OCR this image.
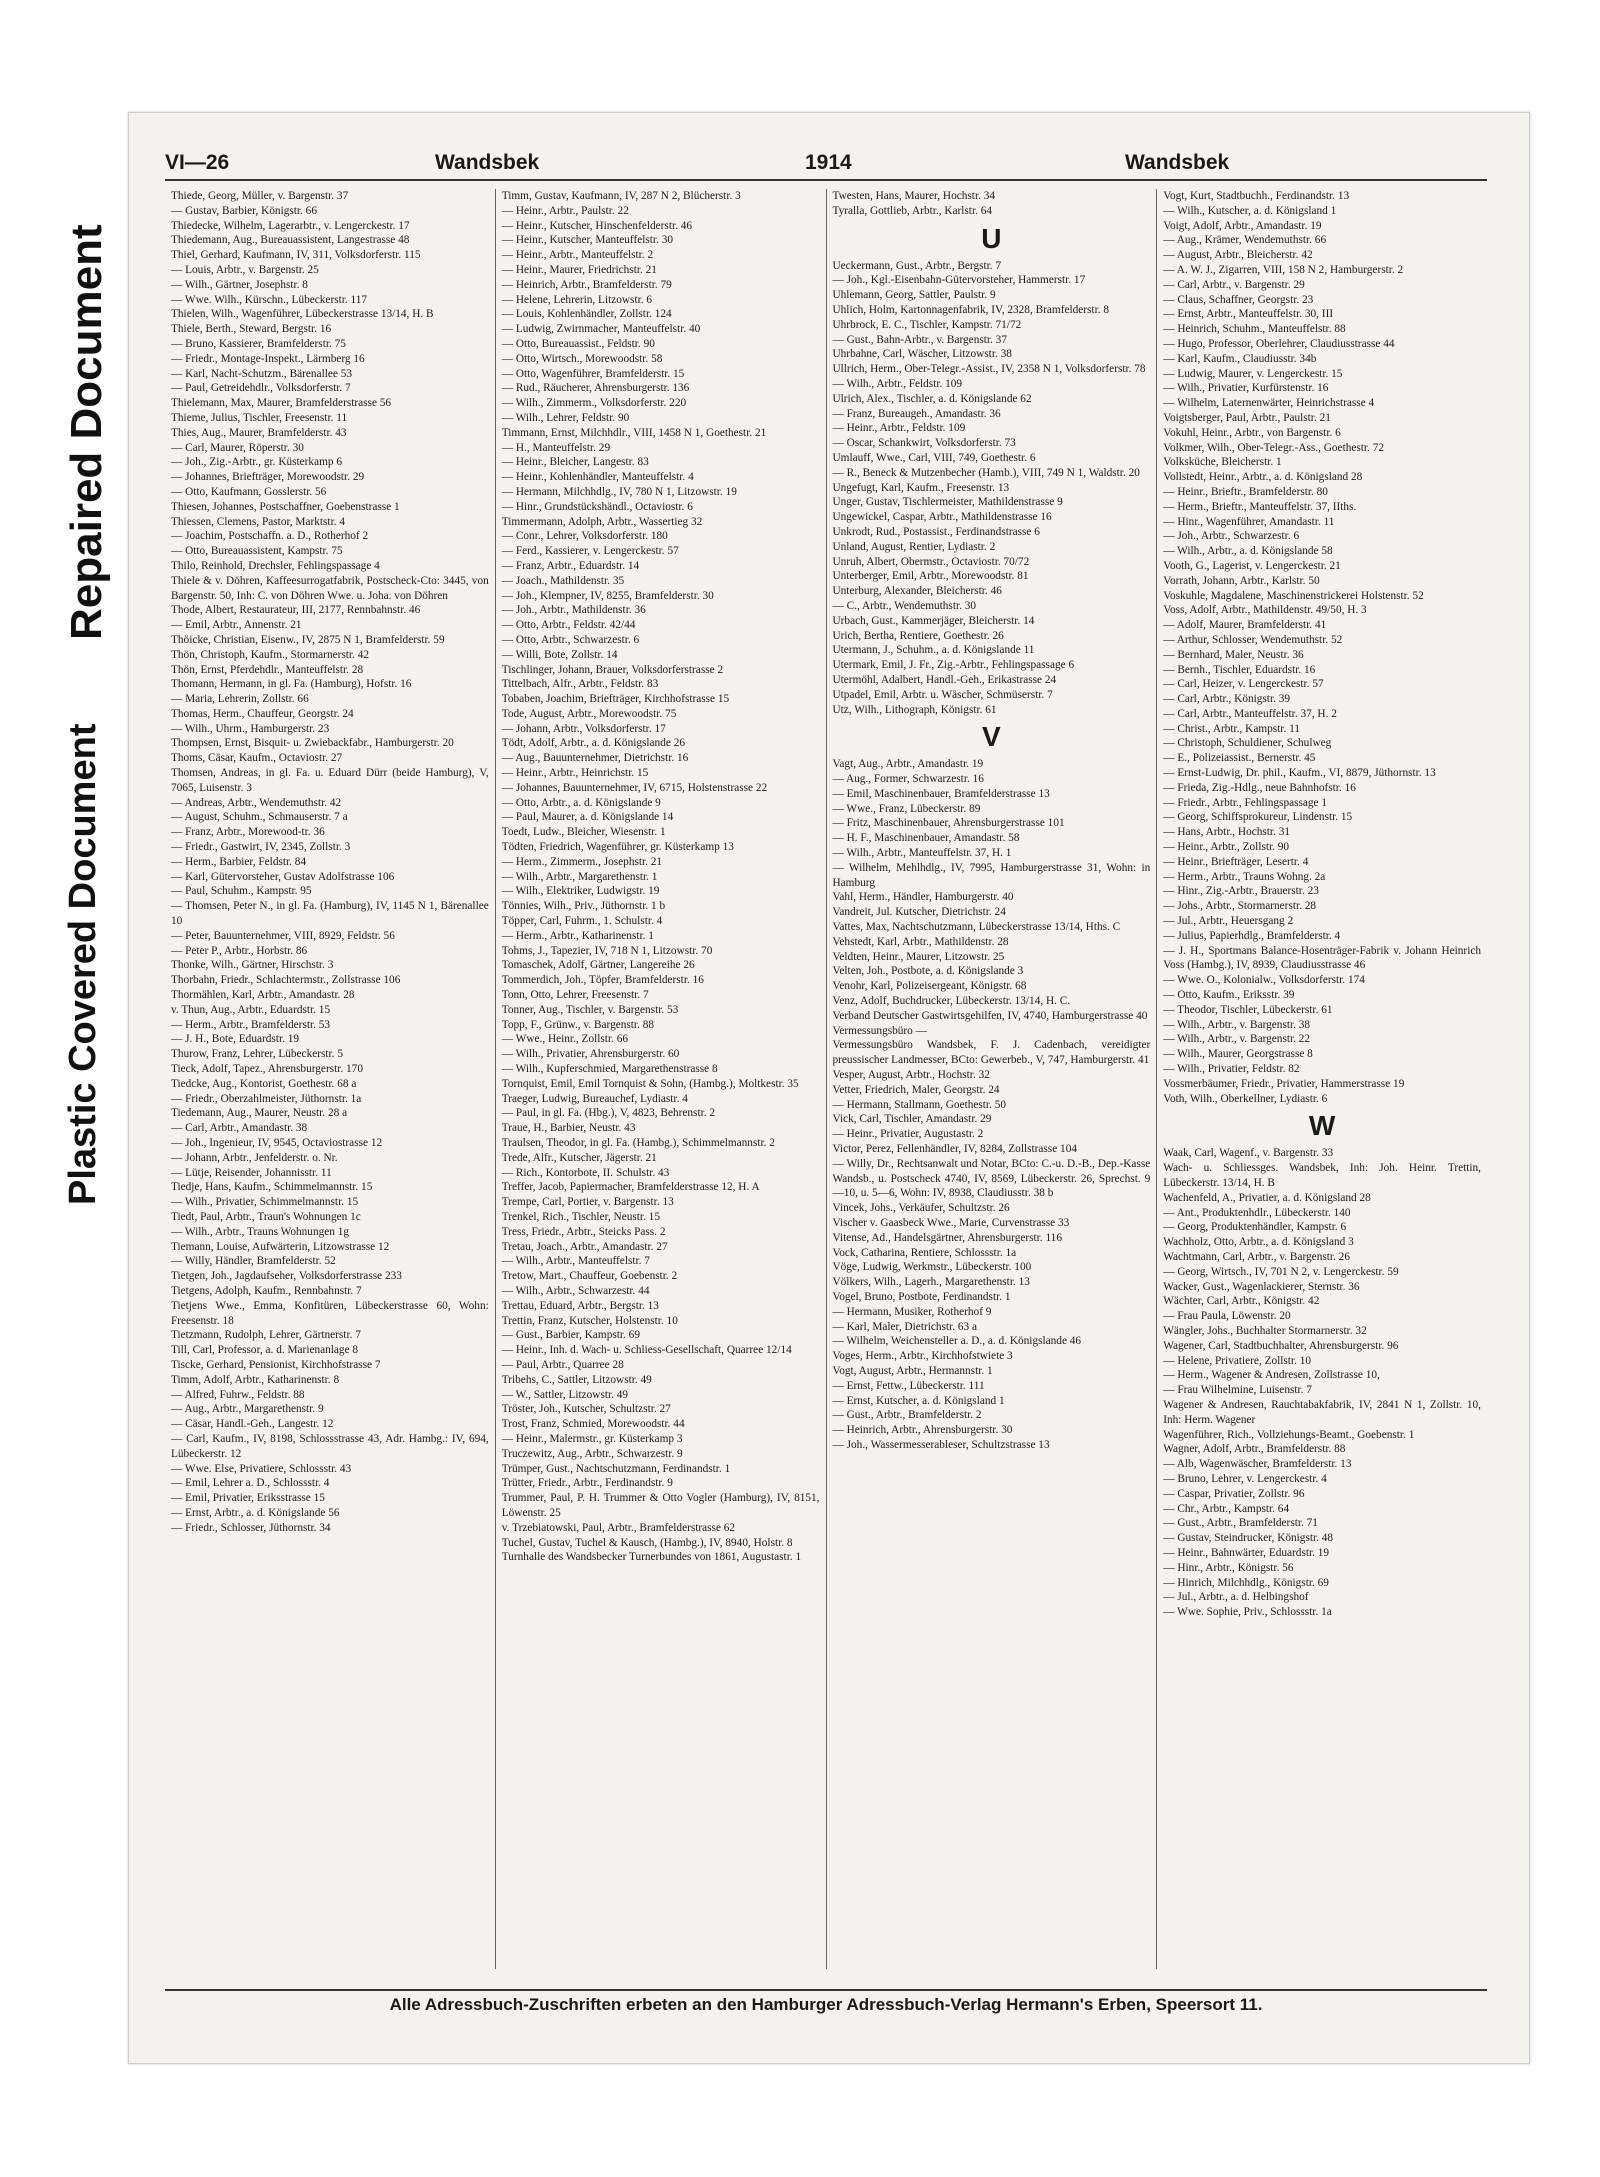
Repaired Document
Plastic Covered Document
VI—26	Wandsbek	1914	Wandsbek
Thiede, Georg, Müller, v. Bargenstr. 37
— Gustav, Barbier, Königstr. 66
Thiedecke, Wilhelm, Lagerarbtr., v. Lengerckestr. 17
Thiedemann, Aug., Bureauassistent, Langestrasse 48
Thiel, Gerhard, Kaufmann, IV, 311, Volksdorferstr. 115
— Louis, Arbtr., v. Bargenstr. 25
— Wilh., Gärtner, Josephstr. 8
— Wwe. Wilh., Kürschn., Lübeckerstr. 117
Thielen, Wilh., Wagenführer, Lübeckerstrasse 13/14, H. B
Thiele, Berth., Steward, Bergstr. 16
— Bruno, Kassierer, Bramfelderstr. 75
— Friedr., Montage-Inspekt., Lärmberg 16
— Karl, Nacht-Schutzm., Bärenallee 53
— Paul, Getreidehdlr., Volksdorferstr. 7
Thielemann, Max, Maurer, Bramfelderstrasse 56
Thieme, Julius, Tischler, Freesenstr. 11
Thies, Aug., Maurer, Bramfelderstr. 43
— Carl, Maurer, Röperstr. 30
— Joh., Zig.-Arbtr., gr. Küsterkamp 6
— Johannes, Briefträger, Morewoodstr. 29
— Otto, Kaufmann, Gosslerstr. 56
Thiesen, Johannes, Postschaffner, Goebenstrasse 1
Thiessen, Clemens, Pastor, Marktstr. 4
— Joachim, Postschaffn. a. D., Rotherhof 2
— Otto, Bureauassistent, Kampstr. 75
Thilo, Reinhold, Drechsler, Fehlingspassage 4
Thiele & v. Döhren, Kaffeesurrogatfabrik, Postscheck-Cto: 3445, von Bargenstr. 50, Inh: C. von Döhren Wwe. u. Joha. von Döhren
Thode, Albert, Restaurateur, III, 2177, Rennbahnstr. 46
— Emil, Arbtr., Annenstr. 21
Thöicke, Christian, Eisenw., IV, 2875 N 1, Bramfelderstr. 59
Thön, Christoph, Kaufm., Stormarnerstr. 42
Thön, Ernst, Pferdehdlr., Manteuffelstr. 28
Thomann, Hermann, in gl. Fa. (Hamburg), Hofstr. 16
— Maria, Lehrerin, Zollstr. 66
Thomas, Herm., Chauffeur, Georgstr. 24
— Wilh., Uhrm., Hamburgerstr. 23
Thompsen, Ernst, Bisquit- u. Zwiebackfabr., Hamburgerstr. 20
Thoms, Cäsar, Kaufm., Octaviostr. 27
Thomsen, Andreas, in gl. Fa. u. Eduard Dürr (beide Hamburg), V, 7065, Luisenstr. 3
— Andreas, Arbtr., Wendemuthstr. 42
— August, Schuhm., Schmauserstr. 7 a
— Franz, Arbtr., Morewood-tr. 36
— Friedr., Gastwirt, IV, 2345, Zollstr. 3
— Herm., Barbier, Feldstr. 84
— Karl, Gütervorsteher, Gustav Adolfstrasse 106
— Paul, Schuhm., Kampstr. 95
— Thomsen, Peter N., in gl. Fa. (Hamburg), IV, 1145 N 1, Bärenallee 10
— Peter, Bauunternehmer, VIII, 8929, Feldstr. 56
— Peter P., Arbtr., Horbstr. 86
Thonke, Wilh., Gärtner, Hirschstr. 3
Thorbahn, Friedr., Schlachtermstr., Zollstrasse 106
Thormählen, Karl, Arbtr., Amandastr. 28
v. Thun, Aug., Arbtr., Eduardstr. 15
— Herm., Arbtr., Bramfelderstr. 53
— J. H., Bote, Eduardstr. 19
Thurow, Franz, Lehrer, Lübeckerstr. 5
Tieck, Adolf, Tapez., Ahrensburgerstr. 170
Tiedcke, Aug., Kontorist, Goethestr. 68 a
— Friedr., Oberzahlmeister, Jüthornstr. 1a
Tiedemann, Aug., Maurer, Neustr. 28 a
— Carl, Arbtr., Amandastr. 38
— Joh., Ingenieur, IV, 9545, Octaviostrasse 12
— Johann, Arbtr., Jenfelderstr. o. Nr.
— Lütje, Reisender, Johannisstr. 11
Tiedje, Hans, Kaufm., Schimmelmannstr. 15
— Wilh., Privatier, Schimmelmannstr. 15
Tiedt, Paul, Arbtr., Traun's Wohnungen 1c
— Wilh., Arbtr., Trauns Wohnungen 1g
Tiemann, Louise, Aufwärterin, Litzowstrasse 12
— Willy, Händler, Bramfelderstr. 52
Tietgen, Joh., Jagdaufseher, Volksdorferstrasse 233
Tietgens, Adolph, Kaufm., Rennbahnstr. 7
Tietjens Wwe., Emma, Konfitüren, Lübeckerstrasse 60, Wohn: Freesenstr. 18
Tietzmann, Rudolph, Lehrer, Gärtnerstr. 7
Till, Carl, Professor, a. d. Marienanlage 8
Tiscke, Gerhard, Pensionist, Kirchhofstrasse 7
Timm, Adolf, Arbtr., Katharinenstr. 8
— Alfred, Fuhrw., Feldstr. 88
— Aug., Arbtr., Margarethenstr. 9
— Cäsar, Handl.-Geh., Langestr. 12
— Carl, Kaufm., IV, 8198, Schlossstrasse 43, Adr. Hambg.: IV, 694, Lübeckerstr. 12
— Wwe. Else, Privatiere, Schlossstr. 43
— Emil, Lehrer a. D., Schlossstr. 4
— Emil, Privatier, Eriksstrasse 15
— Ernst, Arbtr., a. d. Königslande 56
— Friedr., Schlosser, Jüthornstr. 34
Timm, Gustav, Kaufmann, IV, 287 N 2, Blücherstr. 3
— Heinr., Arbtr., Paulstr. 22
— Heinr., Kutscher, Hinschenfelderstr. 46
— Heinr., Kutscher, Manteuffelstr. 30
— Heinr., Arbtr., Manteuffelstr. 2
— Heinr., Maurer, Friedrichstr. 21
— Heinrich, Arbtr., Bramfelderstr. 79
— Helene, Lehrerin, Litzowstr. 6
— Louis, Kohlenhändler, Zollstr. 124
— Ludwig, Zwirnmacher, Manteuffelstr. 40
— Otto, Bureauassist., Feldstr. 90
— Otto, Wirtsch., Morewoodstr. 58
— Otto, Wagenführer, Bramfelderstr. 15
— Rud., Räucherer, Ahrensburgerstr. 136
— Wilh., Zimmerm., Volksdorferstr. 220
— Wilh., Lehrer, Feldstr. 90
Timmann, Ernst, Milchhdlr., VIII, 1458 N 1, Goethestr. 21
— H., Manteuffelstr. 29
— Heinr., Bleicher, Langestr. 83
— Heinr., Kohlenhändler, Manteuffelstr. 4
— Hermann, Milchhdlg., IV, 780 N 1, Litzowstr. 19
— Hinr., Grundstückshändl., Octaviostr. 6
Timmermann, Adolph, Arbtr., Wassertieg 32
— Conr., Lehrer, Volksdorferstr. 180
— Ferd., Kassierer, v. Lengerckestr. 57
— Franz, Arbtr., Eduardstr. 14
— Joach., Mathildenstr. 35
— Joh., Klempner, IV, 8255, Bramfelderstr. 30
— Joh., Arbtr., Mathildenstr. 36
— Otto, Arbtr., Feldstr. 42/44
— Otto, Arbtr., Schwarzestr. 6
— Willi, Bote, Zollstr. 14
Tischlinger, Johann, Brauer, Volksdorferstrasse 2
Tittelbach, Alfr., Arbtr., Feldstr. 83
Tobaben, Joachim, Briefträger, Kirchhofstrasse 15
Tode, August, Arbtr., Morewoodstr. 75
— Johann, Arbtr., Volksdorferstr. 17
Tödt, Adolf, Arbtr., a. d. Königslande 26
— Aug., Bauunternehmer, Dietrichstr. 16
— Heinr., Arbtr., Heinrichstr. 15
— Johannes, Bauunternehmer, IV, 6715, Holstenstrasse 22
— Otto, Arbtr., a. d. Königslande 9
— Paul, Maurer, a. d. Königslande 14
Toedt, Ludw., Bleicher, Wiesenstr. 1
Tödten, Friedrich, Wagenführer, gr. Küsterkamp 13
— Herm., Zimmerm., Josephstr. 21
— Wilh., Arbtr., Margarethenstr. 1
— Wilh., Elektriker, Ludwigstr. 19
Tönnies, Wilh., Priv., Jüthornstr. 1 b
Töpper, Carl, Fuhrm., 1. Schulstr. 4
— Herm., Arbtr., Katharinenstr. 1
Tohms, J., Tapezier, IV, 718 N 1, Litzowstr. 70
Tomaschek, Adolf, Gärtner, Langereihe 26
Tommerdich, Joh., Töpfer, Bramfelderstr. 16
Tonn, Otto, Lehrer, Freesenstr. 7
Tonner, Aug., Tischler, v. Bargenstr. 53
Topp, F., Grünw., v. Bargenstr. 88
— Wwe., Heinr., Zollstr. 66
— Wilh., Privatier, Ahrensburgerstr. 60
— Wilh., Kupferschmied, Margarethenstrasse 8
Tornquist, Emil, Emil Tornquist & Sohn, (Hambg.), Moltkestr. 35
Traeger, Ludwig, Bureauchef, Lydiastr. 4
— Paul, in gl. Fa. (Hbg.), V, 4823, Behrenstr. 2
Traue, H., Barbier, Neustr. 43
Traulsen, Theodor, in gl. Fa. (Hambg.), Schimmelmannstr. 2
Trede, Alfr., Kutscher, Jägerstr. 21
— Rich., Kontorbote, II. Schulstr. 43
Treffer, Jacob, Papiermacher, Bramfelderstrasse 12, H. A
Trempe, Carl, Portier, v. Bargenstr. 13
Trenkel, Rich., Tischler, Neustr. 15
Tress, Friedr., Arbtr., Steicks Pass. 2
Tretau, Joach., Arbtr., Amandastr. 27
— Wilh., Arbtr., Manteuffelstr. 7
Tretow, Mart., Chauffeur, Goebenstr. 2
— Wilh., Arbtr., Schwarzestr. 44
Trettau, Eduard, Arbtr., Bergstr. 13
Trettin, Franz, Kutscher, Holstenstr. 10
— Gust., Barbier, Kampstr. 69
— Heinr., Inh. d. Wach- u. Schliess-Gesellschaft, Quarree 12/14
— Paul, Arbtr., Quarree 28
Tribehs, C., Sattler, Litzowstr. 49
— W., Sattler, Litzowstr. 49
Tröster, Joh., Kutscher, Schultzstr. 27
Trost, Franz, Schmied, Morewoodstr. 44
— Heinr., Malermstr., gr. Küsterkamp 3
Truczewitz, Aug., Arbtr., Schwarzestr. 9
Trümper, Gust., Nachtschutzmann, Ferdinandstr. 1
Trütter, Friedr., Arbtr., Ferdinandstr. 9
Trummer, Paul, P. H. Trummer & Otto Vogler (Hamburg), IV, 8151, Löwenstr. 25
v. Trzebiatowski, Paul, Arbtr., Bramfelderstrasse 62
Tuchel, Gustav, Tuchel & Kausch, (Hambg.), IV, 8940, Holstr. 8
Turnhalle des Wandsbecker Turnerbundes von 1861, Augustastr. 1
Twesten, Hans, Maurer, Hochstr. 34
Tyralla, Gottlieb, Arbtr., Karlstr. 64
U
Ueckermann, Gust., Arbtr., Bergstr. 7
— Joh., Kgl.-Eisenbahn-Gütervorsteher, Hammerstr. 17
Uhlemann, Georg, Sattler, Paulstr. 9
Uhlich, Holm, Kartonnagenfabrik, IV, 2328, Bramfelderstr. 8
Uhrbrock, E. C., Tischler, Kampstr. 71/72
— Gust., Bahn-Arbtr., v. Bargenstr. 37
Uhrbahne, Carl, Wäscher, Litzowstr. 38
Ullrich, Herm., Ober-Telegr.-Assist., IV, 2358 N 1, Volksdorferstr. 78
— Wilh., Arbtr., Feldstr. 109
Ulrich, Alex., Tischler, a. d. Königslande 62
— Franz, Bureaugeh., Amandastr. 36
— Heinr., Arbtr., Feldstr. 109
— Oscar, Schankwirt, Volksdorferstr. 73
Umlauff, Wwe., Carl, VIII, 749, Goethestr. 6
— R., Beneck & Mutzenbecher (Hamb.), VIII, 749 N 1, Waldstr. 20
Ungefugt, Karl, Kaufm., Freesenstr. 13
Unger, Gustav, Tischlermeister, Mathildenstrasse 9
Ungewickel, Caspar, Arbtr., Mathildenstrasse 16
Unkrodt, Rud., Postassist., Ferdinandstrasse 6
Unland, August, Rentier, Lydiastr. 2
Unruh, Albert, Obermstr., Octaviostr. 70/72
Unterberger, Emil, Arbtr., Morewoodstr. 81
Unterburg, Alexander, Bleicherstr. 46
— C., Arbtr., Wendemuthstr. 30
Urbach, Gust., Kammerjäger, Bleicherstr. 14
Urich, Bertha, Rentiere, Goethestr. 26
Utermann, J., Schuhm., a. d. Königslande 11
Utermark, Emil, J. Fr., Zig.-Arbtr., Fehlingspassage 6
Utermöhl, Adalbert, Handl.-Geh., Erikastrasse 24
Utpadel, Emil, Arbtr. u. Wäscher, Schmüserstr. 7
Utz, Wilh., Lithograph, Königstr. 61
V
Vagt, Aug., Arbtr., Amandastr. 19
— Aug., Former, Schwarzestr. 16
— Emil, Maschinenbauer, Bramfelderstrasse 13
— Wwe., Franz, Lübeckerstr. 89
— Fritz, Maschinenbauer, Ahrensburgerstrasse 101
— H. F., Maschinenbauer, Amandastr. 58
— Wilh., Arbtr., Manteuffelstr. 37, H. 1
— Wilhelm, Mehlhdlg., IV, 7995, Hamburgerstrasse 31, Wohn: in Hamburg
Vahl, Herm., Händler, Hamburgerstr. 40
Vandreit, Jul. Kutscher, Dietrichstr. 24
Vattes, Max, Nachtschutzmann, Lübeckerstrasse 13/14, Hths. C
Vehstedt, Karl, Arbtr., Mathildenstr. 28
Veldten, Heinr., Maurer, Litzowstr. 25
Velten, Joh., Postbote, a. d. Königslande 3
Venohr, Karl, Polizeisergeant, Königstr. 68
Venz, Adolf, Buchdrucker, Lübeckerstr. 13/14, H. C.
Verband Deutscher Gastwirtsgehilfen, IV, 4740, Hamburgerstrasse 40
Vermessungsbüro —
Vermessungsbüro Wandsbek, F. J. Cadenbach, vereidigter preussischer Landmesser, BCto: Gewerbeb., V, 747, Hamburgerstr. 41
Vesper, August, Arbtr., Hochstr. 32
Vetter, Friedrich, Maler, Georgstr. 24
— Hermann, Stallmann, Goethestr. 50
Vick, Carl, Tischler, Amandastr. 29
— Heinr., Privatier, Augustastr. 2
Victor, Perez, Fellenhändler, IV, 8284, Zollstrasse 104
— Willy, Dr., Rechtsanwalt und Notar, BCto: C.-u. D.-B., Dep.-Kasse Wandsb., u. Postscheck 4740, IV, 8569, Lübeckerstr. 26, Sprechst. 9—10, u. 5—6, Wohn: IV, 8938, Claudiusstr. 38 b
Vincek, Johs., Verkäufer, Schultzstr. 26
Vischer v. Gaasbeck Wwe., Marie, Curvenstrasse 33
Vitense, Ad., Handelsgärtner, Ahrensburgerstr. 116
Vock, Catharina, Rentiere, Schlossstr. 1a
Vöge, Ludwig, Werkmstr., Lübeckerstr. 100
Völkers, Wilh., Lagerh., Margarethenstr. 13
Vogel, Bruno, Postbote, Ferdinandstr. 1
— Hermann, Musiker, Rotherhof 9
— Karl, Maler, Dietrichstr. 63 a
— Wilhelm, Weichensteller a. D., a. d. Königslande 46
Voges, Herm., Arbtr., Kirchhofstwiete 3
Vogt, August, Arbtr., Hermannstr. 1
— Ernst, Fettw., Lübeckerstr. 111
— Ernst, Kutscher, a. d. Königsland 1
— Gust., Arbtr., Bramfelderstr. 2
— Heinrich, Arbtr., Ahrensburgerstr. 30
— Joh., Wassermesserableser, Schultzstrasse 13
Vogt, Kurt, Stadtbuchh., Ferdinandstr. 13
— Wilh., Kutscher, a. d. Königsland 1
Voigt, Adolf, Arbtr., Amandastr. 19
— Aug., Krämer, Wendemuthstr. 66
— August, Arbtr., Bleicherstr. 42
— A. W. J., Zigarren, VIII, 158 N 2, Hamburgerstr. 2
— Carl, Arbtr., v. Bargenstr. 29
— Claus, Schaffner, Georgstr. 23
— Ernst, Arbtr., Manteuffelstr. 30, III
— Heinrich, Schuhm., Manteuffelstr. 88
— Hugo, Professor, Oberlehrer, Claudiusstrasse 44
— Karl, Kaufm., Claudiusstr. 34b
— Ludwig, Maurer, v. Lengerckestr. 15
— Wilh., Privatier, Kurfürstenstr. 16
— Wilhelm, Laternenwärter, Heinrichstrasse 4
Voigtsberger, Paul, Arbtr., Paulstr. 21
Vokuhl, Heinr., Arbtr., von Bargenstr. 6
Volkmer, Wilh., Ober-Telegr.-Ass., Goethestr. 72
Volksküche, Bleicherstr. 1
Vollstedt, Heinr., Arbtr., a. d. Königsland 28
— Heinr., Brieftr., Bramfelderstr. 80
— Herm., Brieftr., Manteuffelstr. 37, IIths.
— Hinr., Wagenführer, Amandastr. 11
— Joh., Arbtr., Schwarzestr. 6
— Wilh., Arbtr., a. d. Königslande 58
Vooth, G., Lagerist, v. Lengerckestr. 21
Vorrath, Johann, Arbtr., Karlstr. 50
Voskuhle, Magdalene, Maschinenstrickerei Holstenstr. 52
Voss, Adolf, Arbtr., Mathildenstr. 49/50, H. 3
— Adolf, Maurer, Bramfelderstr. 41
— Arthur, Schlosser, Wendemuthstr. 52
— Bernhard, Maler, Neustr. 36
— Bernh., Tischler, Eduardstr. 16
— Carl, Heizer, v. Lengerckestr. 57
— Carl, Arbtr., Königstr. 39
— Carl, Arbtr., Manteuffelstr. 37, H. 2
— Christ., Arbtr., Kampstr. 11
— Christoph, Schuldiener, Schulweg
— E., Polizeiassist., Bernerstr. 45
— Ernst-Ludwig, Dr. phil., Kaufm., VI, 8879, Jüthornstr. 13
— Frieda, Zig.-Hdlg., neue Bahnhofstr. 16
— Friedr., Arbtr., Fehlingspassage 1
— Georg, Schiffsprokureur, Lindenstr. 15
— Hans, Arbtr., Hochstr. 31
— Heinr., Arbtr., Zollstr. 90
— Heinr., Briefträger, Lesertr. 4
— Herm., Arbtr., Trauns Wohng. 2a
— Hinr., Zig.-Arbtr., Brauerstr. 23
— Johs., Arbtr., Stormarnerstr. 28
— Jul., Arbtr., Heuersgang 2
— Julius, Papierhdlg., Bramfelderstr. 4
— J. H., Sportmans Balance-Hosenträger-Fabrik v. Johann Heinrich Voss (Hambg.), IV, 8939, Claudiusstrasse 46
— Wwe. O., Kolonialw., Volksdorferstr. 174
— Otto, Kaufm., Eriksstr. 39
— Theodor, Tischler, Lübeckerstr. 61
— Wilh., Arbtr., v. Bargenstr. 38
— Wilh., Arbtr., v. Bargenstr. 22
— Wilh., Maurer, Georgstrasse 8
— Wilh., Privatier, Feldstr. 82
Vossmerbäumer, Friedr., Privatier, Hammerstrasse 19
Voth, Wilh., Oberkellner, Lydiastr. 6
W
Waak, Carl, Wagenf., v. Bargenstr. 33
Wach- u. Schliessges. Wandsbek, Inh: Joh. Heinr. Trettin, Lübeckerstr. 13/14, H. B
Wachenfeld, A., Privatier, a. d. Königsland 28
— Ant., Produktenhdlr., Lübeckerstr. 140
— Georg, Produktenhändler, Kampstr. 6
Wachholz, Otto, Arbtr., a. d. Königsland 3
Wachtmann, Carl, Arbtr., v. Bargenstr. 26
— Georg, Wirtsch., IV, 701 N 2, v. Lengerckestr. 59
Wacker, Gust., Wagenlackierer, Sternstr. 36
Wächter, Carl, Arbtr., Königstr. 42
— Frau Paula, Löwenstr. 20
Wängler, Johs., Buchhalter Stormarnerstr. 32
Wagener, Carl, Stadtbuchhalter, Ahrensburgerstr. 96
— Helene, Privatiere, Zollstr. 10
— Herm., Wagener & Andresen, Zollstrasse 10,
— Frau Wilhelmine, Luisenstr. 7
Wagener & Andresen, Rauchtabakfabrik, IV, 2841 N 1, Zollstr. 10, Inh: Herm. Wagener
Wagenführer, Rich., Vollziehungs-Beamt., Goebenstr. 1
Wagner, Adolf, Arbtr., Bramfelderstr. 88
— Alb, Wagenwäscher, Bramfelderstr. 13
— Bruno, Lehrer, v. Lengerckestr. 4
— Caspar, Privatier, Zollstr. 96
— Chr., Arbtr., Kampstr. 64
— Gust., Arbtr., Bramfelderstr. 71
— Gustav, Steindrucker, Königstr. 48
— Heinr., Bahnwärter, Eduardstr. 19
— Hinr., Arbtr., Königstr. 56
— Hinrich, Milchhdlg., Königstr. 69
— Jul., Arbtr., a. d. Helbingshof
— Wwe. Sophie, Priv., Schlossstr. 1a
Alle Adressbuch-Zuschriften erbeten an den Hamburger Adressbuch-Verlag Hermann's Erben, Speersort 11.
